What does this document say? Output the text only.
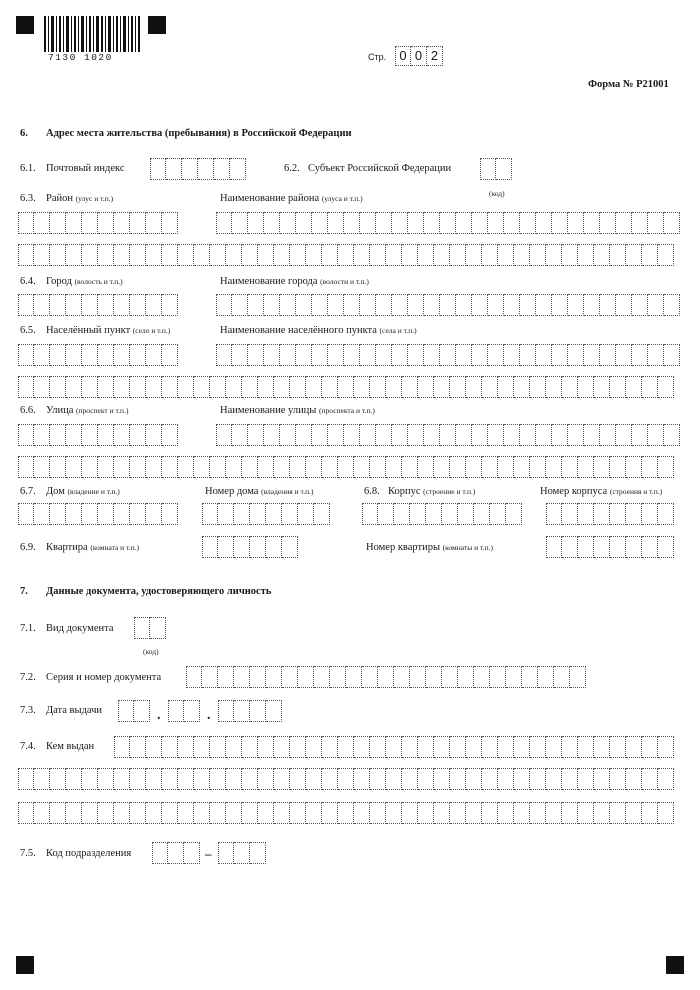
7130 1020	Стр.	0 0 2
Форма № Р21001
6. Адрес места жительства (пребывания) в Российской Федерации
6.1. Почтовый индекс	6.2. Субъект Российской Федерации
(код)
6.3. Район (улус и т.п.)	Наименование района (улуса и т.п.)
6.4. Город (волость и т.п.)	Наименование города (волости и т.п.)
6.5. Населённый пункт (село и т.п.)	Наименование населённого пункта (села и т.п.)
6.6. Улица (проспект и т.п.)	Наименование улицы (проспекта и т.п.)
6.7. Дом (владение и т.п.)	Номер дома (владения и т.п.)	6.8. Корпус (строение и т.п.)	Номер корпуса (строения и т.п.)
6.9. Квартира (комната и т.п.)	Номер квартиры (комнаты и т.п.)
7. Данные документа, удостоверяющего личность
7.1. Вид документа
(код)
7.2. Серия и номер документа
7.3. Дата выдачи	.	.
7.4. Кем выдан
7.5. Код подразделения	–
